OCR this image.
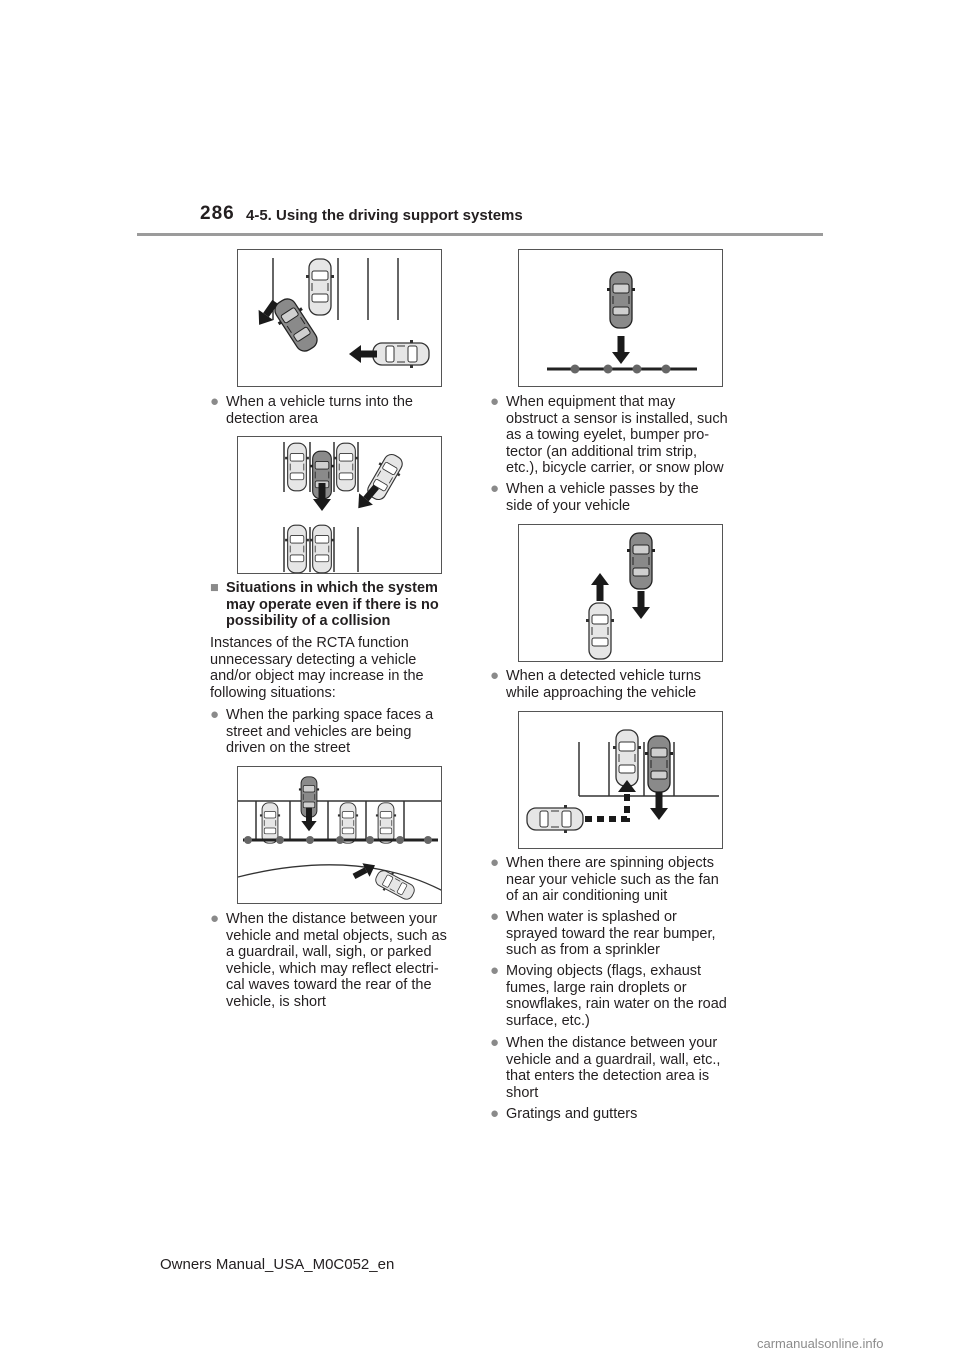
286 4-5. Using the driving support systems
● When a vehicle turns into the
detection area
■ Situations in which the system
may operate even if there is no
possibility of a collision
Instances of the RCTA function
unnecessary detecting a vehicle
and/or object may increase in the
following situations:
● When the parking space faces a
street and vehicles are being
driven on the street
● When the distance between your
vehicle and metal objects, such as
a guardrail, wall, sigh, or parked
vehicle, which may reflect electri-
cal waves toward the rear of the
vehicle, is short
● When equipment that may
obstruct a sensor is installed, such
as a towing eyelet, bumper pro-
tector (an additional trim strip,
etc.), bicycle carrier, or snow plow
● When a vehicle passes by the
side of your vehicle
● When a detected vehicle turns
while approaching the vehicle
● When there are spinning objects
near your vehicle such as the fan
of an air conditioning unit
● When water is splashed or
sprayed toward the rear bumper,
such as from a sprinkler
● Moving objects (flags, exhaust
fumes, large rain droplets or
snowflakes, rain water on the road
surface, etc.)
● When the distance between your
vehicle and a guardrail, wall, etc.,
that enters the detection area is
short
● Gratings and gutters
Owners Manual_USA_M0C052_en
carmanualsonline.info
